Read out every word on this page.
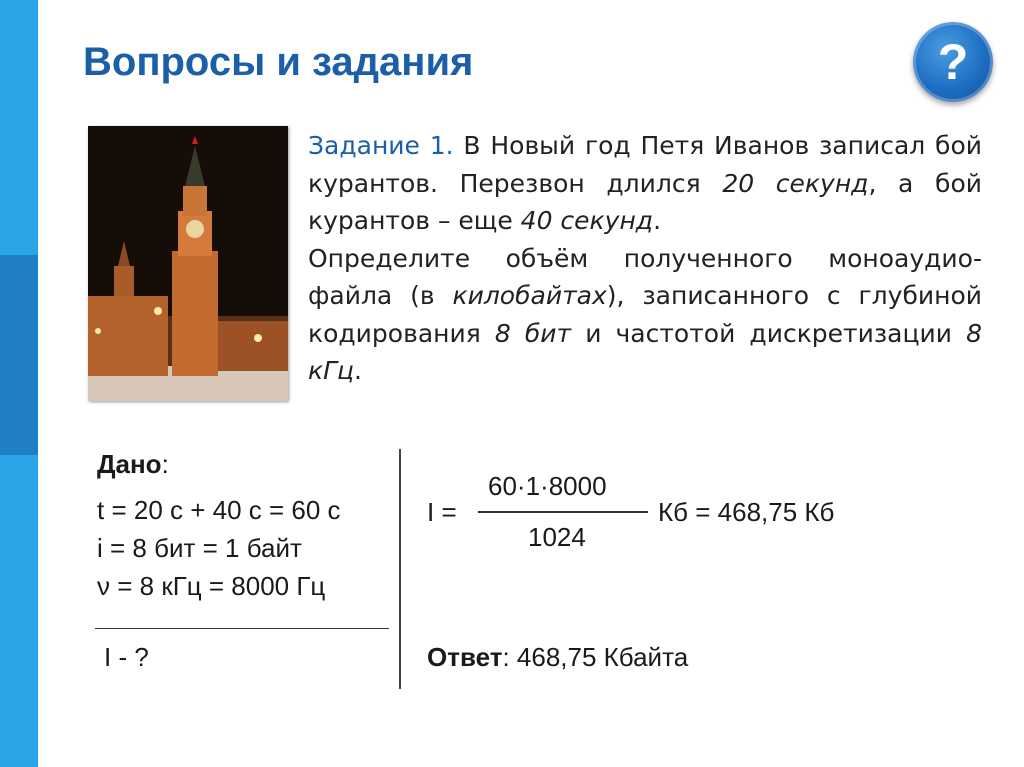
Вопросы и задания	?

Задание 1. В Новый год Петя Иванов записал бой курантов. Перезвон длился 20 секунд, а бой курантов – еще 40 секунд.

Определите объём полученного моноаудио-файла (в килобайтах), записанного с глубиной кодирования 8 бит и частотой дискретизации 8 кГц.

Дано:
t = 20 с + 40 с = 60 с
i = 8 бит = 1 байт
ν = 8 кГц = 8000 Гц
I - ?
I =
60·1·8000
1024
Кб = 468,75 Кб
Ответ: 468,75 Кбайта
